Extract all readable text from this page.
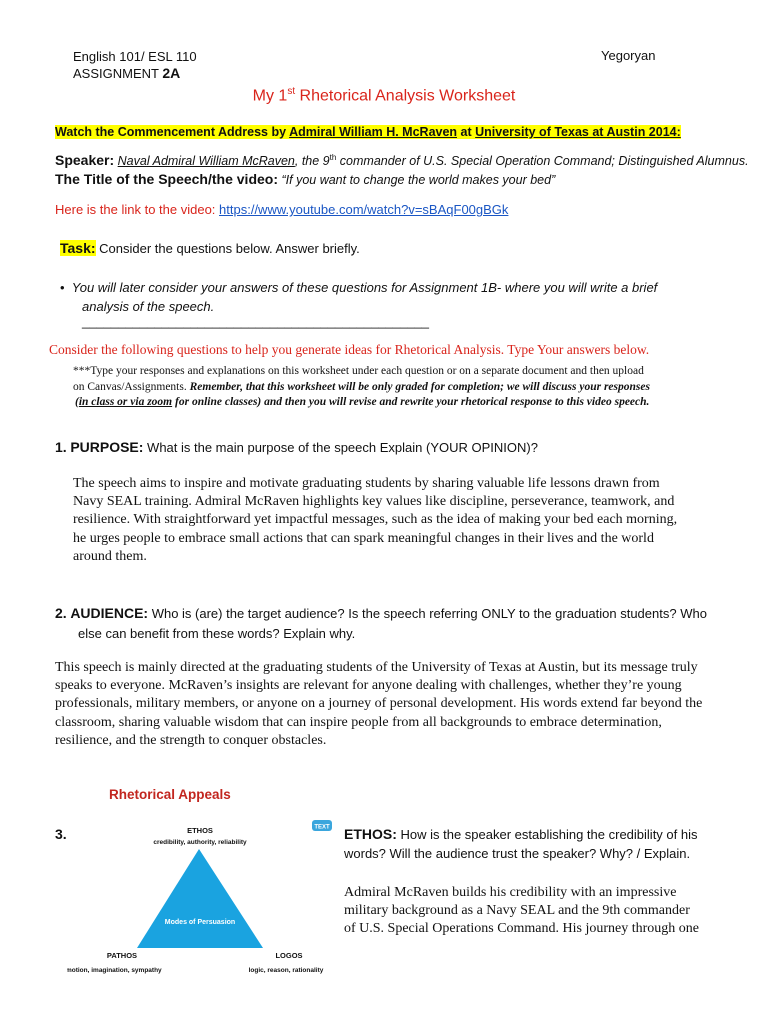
English 101/ ESL 110
ASSIGNMENT 2A
Yegoryan
My 1st Rhetorical Analysis Worksheet
Watch the Commencement Address by Admiral William H. McRaven at University of Texas at Austin 2014:
Speaker: Naval Admiral William McRaven, the 9th commander of U.S. Special Operation Command; Distinguished Alumnus.
The Title of the Speech/the video: “If you want to change the world makes your bed”
Here is the link to the video: https://www.youtube.com/watch?v=sBAqF00gBGk
Task: Consider the questions below. Answer briefly.
•  You will later consider your answers of these questions for Assignment 1B- where you will write a brief
analysis of the speech.
________________________________________________
Consider the following questions to help you generate ideas for Rhetorical Analysis. Type Your answers below.
***Type your responses and explanations on this worksheet under each question or on a separate document and then upload
on Canvas/Assignments. Remember, that this worksheet will be only graded for completion; we will discuss your responses
(in class or via zoom for online classes) and then you will revise and rewrite your rhetorical response to this video speech.
1. PURPOSE: What is the main purpose of the speech Explain (YOUR OPINION)?
The speech aims to inspire and motivate graduating students by sharing valuable life lessons drawn from
Navy SEAL training. Admiral McRaven highlights key values like discipline, perseverance, teamwork, and
resilience. With straightforward yet impactful messages, such as the idea of making your bed each morning,
he urges people to embrace small actions that can spark meaningful changes in their lives and the world
around them.
2. AUDIENCE: Who is (are) the target audience? Is the speech referring ONLY to the graduation students? Who
else can benefit from these words? Explain why.
This speech is mainly directed at the graduating students of the University of Texas at Austin, but its message truly
speaks to everyone. McRaven’s insights are relevant for anyone dealing with challenges, whether they’re young
professionals, military members, or anyone on a journey of personal development. His words extend far beyond the
classroom, sharing valuable wisdom that can inspire people from all backgrounds to embrace determination,
resilience, and the strength to conquer obstacles.
Rhetorical Appeals
3.	TEXT
ETHOS
credibility, authority, reliability
Modes of Persuasion
PATHOS
emotion, imagination, sympathy
LOGOS
logic, reason, rationality
ETHOS: How is the speaker establishing the credibility of his
words? Will the audience trust the speaker? Why? / Explain.
Admiral McRaven builds his credibility with an impressive
military background as a Navy SEAL and the 9th commander
of U.S. Special Operations Command. His journey through one
